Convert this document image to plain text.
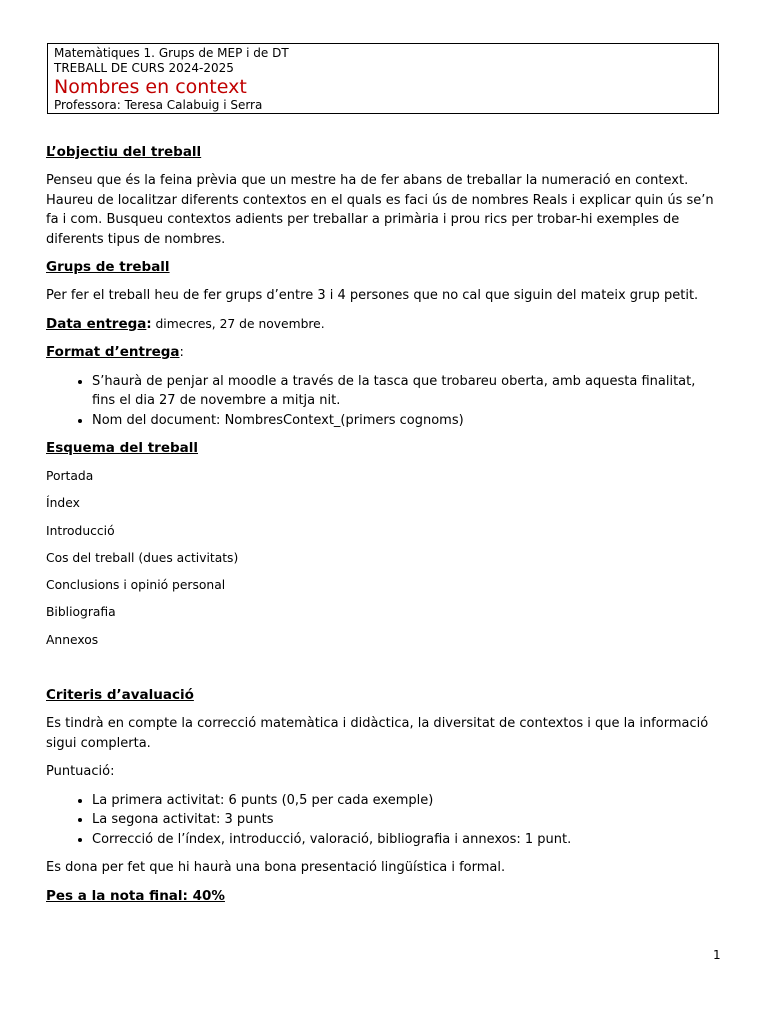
Matemàtiques 1. Grups de MEP i de DT
TREBALL DE CURS 2024-2025
Nombres en context
Professora: Teresa Calabuig i Serra
L’objectiu del treball

Penseu que és la feina prèvia que un mestre ha de fer abans de treballar la numeració en context. Haureu de localitzar diferents contextos en el quals es faci ús de nombres Reals i explicar quin ús se’n fa i com. Busqueu contextos adients per treballar a primària i prou rics per trobar-hi exemples de diferents tipus de nombres.

Grups de treball

Per fer el treball heu de fer grups d’entre 3 i 4 persones que no cal que siguin del mateix grup petit.

Data entrega: dimecres, 27 de novembre.

Format d’entrega:

• S’haurà de penjar al moodle a través de la tasca que trobareu oberta, amb aquesta finalitat, fins el dia 27 de novembre a mitja nit.
• Nom del document: NombresContext_(primers cognoms)
Esquema del treball

Portada

Índex

Introducció

Cos del treball (dues activitats)

Conclusions i opinió personal

Bibliografia

Annexos

Criteris d’avaluació

Es tindrà en compte la correcció matemàtica i didàctica, la diversitat de contextos i que la informació sigui complerta.

Puntuació:

• La primera activitat: 6 punts (0,5 per cada exemple)
• La segona activitat: 3 punts
• Correcció de l’índex, introducció, valoració, bibliografia i annexos: 1 punt.

Es dona per fet que hi haurà una bona presentació lingüística i formal.

Pes a la nota final: 40%
1
